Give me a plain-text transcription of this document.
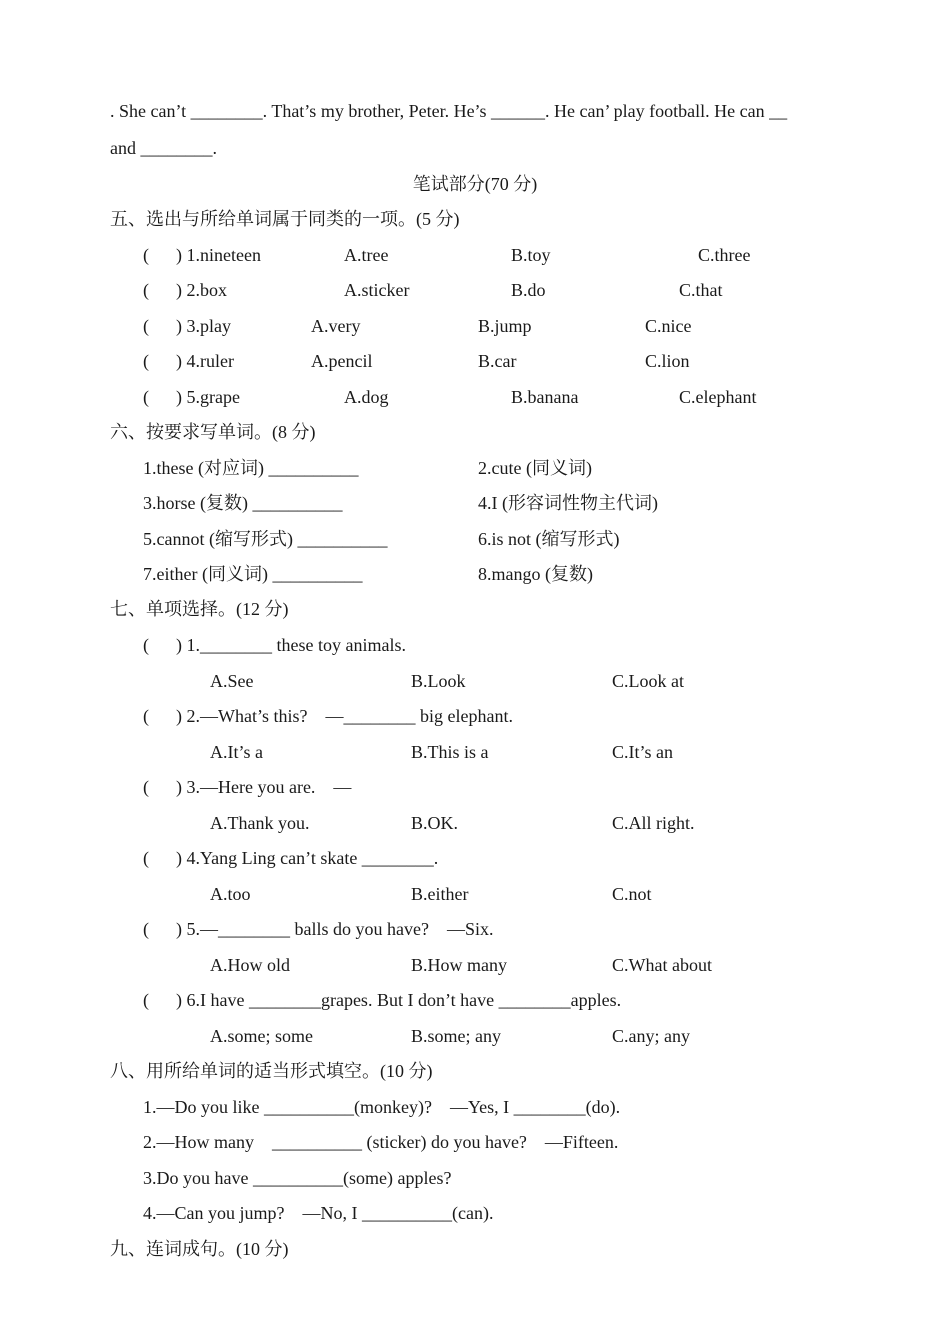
. She can’t ________. That’s my brother, Peter. He’s ______. He can’ play football. He can __
and ________.
笔试部分(70 分)
五、选出与所给单词属于同类的一项。(5 分)
(      ) 1.nineteen	A.tree	B.toy	C.three
(      ) 2.box	A.sticker	B.do	C.that
(      ) 3.play	A.very	B.jump	C.nice
(      ) 4.ruler	A.pencil	B.car	C.lion
(      ) 5.grape	A.dog	B.banana	C.elephant
六、按要求写单词。(8 分)
1.these (对应词) __________	2.cute (同义词)
3.horse (复数) __________	4.I (形容词性物主代词)
5.cannot (缩写形式) __________	6.is not (缩写形式)
7.either (同义词) __________	8.mango (复数)
七、单项选择。(12 分)
(      ) 1.________ these toy animals.
A.See	B.Look	C.Look at
(      ) 2.—What’s this?    —________ big elephant.
A.It’s a	B.This is a	C.It’s an
(      ) 3.—Here you are.    —
A.Thank you.	B.OK.	C.All right.
(      ) 4.Yang Ling can’t skate ________.
A.too	B.either	C.not
(      ) 5.—________ balls do you have?    —Six.
A.How old	B.How many	C.What about
(      ) 6.I have ________grapes. But I don’t have ________apples.
A.some; some	B.some; any	C.any; any
八、用所给单词的适当形式填空。(10 分)
1.—Do you like __________(monkey)?    —Yes, I ________(do).
2.—How many    __________ (sticker) do you have?    —Fifteen.
3.Do you have __________(some) apples?
4.—Can you jump?    —No, I __________(can).
九、连词成句。(10 分)
